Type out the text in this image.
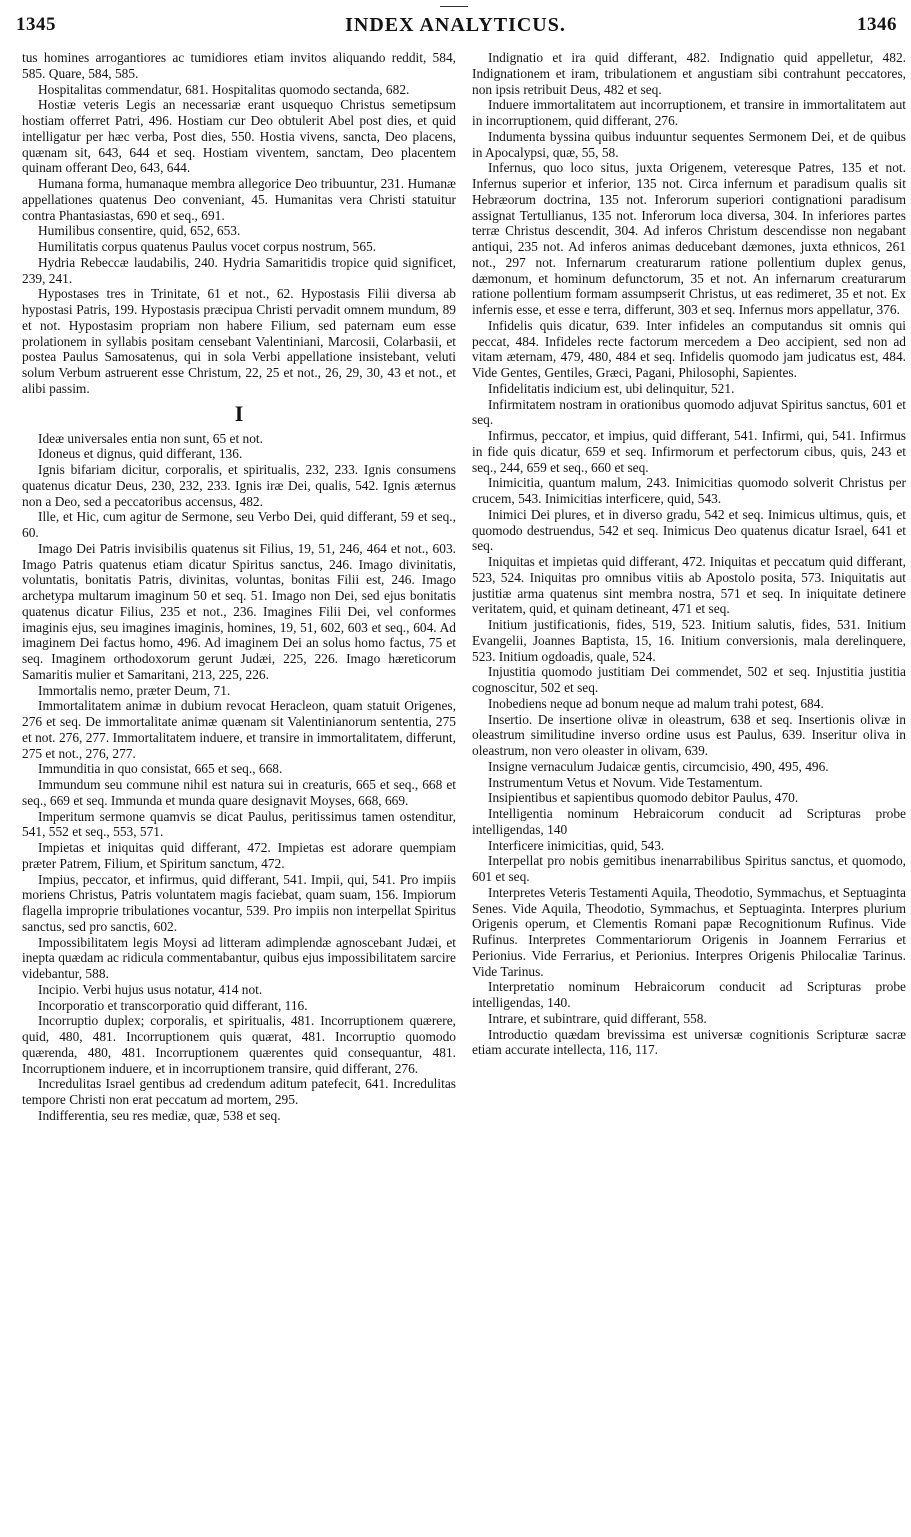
1345	INDEX ANALYTICUS.	1346

tus homines arrogantiores ac tumidiores etiam invitos aliquando reddit, 584, 585. Quare, 584, 585.

Hospitalitas commendatur, 681. Hospitalitas quomodo sectanda, 682.

Hostiæ veteris Legis an necessariæ erant usquequo Christus semetipsum hostiam offerret Patri, 496. Hostiam cur Deo obtulerit Abel post dies, et quid intelligatur per hæc verba, Post dies, 550. Hostia vivens, sancta, Deo placens, quænam sit, 643, 644 et seq. Hostiam viventem, sanctam, Deo placentem quinam offerant Deo, 643, 644.

Humana forma, humanaque membra allegorice Deo tribuuntur, 231. Humanæ appellationes quatenus Deo conveniant, 45. Humanitas vera Christi statuitur contra Phantasiastas, 690 et seq., 691.

Humilibus consentire, quid, 652, 653.

Humilitatis corpus quatenus Paulus vocet corpus nostrum, 565.

Hydria Rebeccæ laudabilis, 240. Hydria Samaritidis tropice quid significet, 239, 241.

Hypostases tres in Trinitate, 61 et not., 62. Hypostasis Filii diversa ab hypostasi Patris, 199. Hypostasis præcipua Christi pervadit omnem mundum, 89 et not. Hypostasim propriam non habere Filium, sed paternam eum esse prolationem in syllabis positam censebant Valentiniani, Marcosii, Colarbasii, et postea Paulus Samosatenus, qui in sola Verbi appellatione insistebant, veluti solum Verbum astruerent esse Christum, 22, 25 et not., 26, 29, 30, 43 et not., et alibi passim.

I

Ideæ universales entia non sunt, 65 et not.

Idoneus et dignus, quid differant, 136.

Ignis bifariam dicitur, corporalis, et spiritualis, 232, 233. Ignis consumens quatenus dicatur Deus, 230, 232, 233. Ignis iræ Dei, qualis, 542. Ignis æternus non a Deo, sed a peccatoribus accensus, 482.

Ille, et Hic, cum agitur de Sermone, seu Verbo Dei, quid differant, 59 et seq., 60.

Imago Dei Patris invisibilis quatenus sit Filius, 19, 51, 246, 464 et not., 603. Imago Patris quatenus etiam dicatur Spiritus sanctus, 246. Imago divinitatis, voluntatis, bonitatis Patris, divinitas, voluntas, bonitas Filii est, 246. Imago archetypa multarum imaginum 50 et seq. 51. Imago non Dei, sed ejus bonitatis quatenus dicatur Filius, 235 et not., 236. Imagines Filii Dei, vel conformes imaginis ejus, seu imagines imaginis, homines, 19, 51, 602, 603 et seq., 604. Ad imaginem Dei factus homo, 496. Ad imaginem Dei an solus homo factus, 75 et seq. Imaginem orthodoxorum gerunt Judæi, 225, 226. Imago hæreticorum Samaritis mulier et Samaritani, 213, 225, 226.

Immortalis nemo, præter Deum, 71.

Immortalitatem animæ in dubium revocat Heracleon, quam statuit Origenes, 276 et seq. De immortalitate animæ quænam sit Valentinianorum sententia, 275 et not. 276, 277. Immortalitatem induere, et transire in immortalitatem, differunt, 275 et not., 276, 277.

Immunditia in quo consistat, 665 et seq., 668.

Immundum seu commune nihil est natura sui in creaturis, 665 et seq., 668 et seq., 669 et seq. Immunda et munda quare designavit Moyses, 668, 669.

Imperitum sermone quamvis se dicat Paulus, peritissimus tamen ostenditur, 541, 552 et seq., 553, 571.

Impietas et iniquitas quid differant, 472. Impietas est adorare quempiam præter Patrem, Filium, et Spiritum sanctum, 472.

Impius, peccator, et infirmus, quid differant, 541. Impii, qui, 541. Pro impiis moriens Christus, Patris voluntatem magis faciebat, quam suam, 156. Impiorum flagella improprie tribulationes vocantur, 539. Pro impiis non interpellat Spiritus sanctus, sed pro sanctis, 602.

Impossibilitatem legis Moysi ad litteram adimplendæ agnoscebant Judæi, et inepta quædam ac ridicula commentabantur, quibus ejus impossibilitatem sarcire videbantur, 588.

Incipio. Verbi hujus usus notatur, 414 not.

Incorporatio et transcorporatio quid differant, 116.

Incorruptio duplex; corporalis, et spiritualis, 481. Incorruptionem quærere, quid, 480, 481. Incorruptionem quis quærat, 481. Incorruptio quomodo quærenda, 480, 481. Incorruptionem quærentes quid consequantur, 481. Incorruptionem induere, et in incorruptionem transire, quid differant, 276.

Incredulitas Israel gentibus ad credendum aditum patefecit, 641. Incredulitas tempore Christi non erat peccatum ad mortem, 295.

Indifferentia, seu res mediæ, quæ, 538 et seq.

Indignatio et ira quid differant, 482. Indignatio quid appelletur, 482. Indignationem et iram, tribulationem et angustiam sibi contrahunt peccatores, non ipsis retribuit Deus, 482 et seq.

Induere immortalitatem aut incorruptionem, et transire in immortalitatem aut in incorruptionem, quid differant, 276.

Indumenta byssina quibus induuntur sequentes Sermonem Dei, et de quibus in Apocalypsi, quæ, 55, 58.

Infernus, quo loco situs, juxta Origenem, veteresque Patres, 135 et not. Infernus superior et inferior, 135 not. Circa infernum et paradisum qualis sit Hebræorum doctrina, 135 not. Inferorum superiori contignationi paradisum assignat Tertullianus, 135 not. Inferorum loca diversa, 304. In inferiores partes terræ Christus descendit, 304. Ad inferos Christum descendisse non negabant antiqui, 235 not. Ad inferos animas deducebant dæmones, juxta ethnicos, 261 not., 297 not. Infernarum creaturarum ratione pollentium duplex genus, dæmonum, et hominum defunctorum, 35 et not. An infernarum creaturarum ratione pollentium formam assumpserit Christus, ut eas redimeret, 35 et not. Ex infernis esse, et esse e terra, differunt, 303 et seq. Infernus mors appellatur, 376.

Infidelis quis dicatur, 639. Inter infideles an computandus sit omnis qui peccat, 484. Infideles recte factorum mercedem a Deo accipient, sed non ad vitam æternam, 479, 480, 484 et seq. Infidelis quomodo jam judicatus est, 484. Vide Gentes, Gentiles, Græci, Pagani, Philosophi, Sapientes.

Infidelitatis indicium est, ubi delinquitur, 521.

Infirmitatem nostram in orationibus quomodo adjuvat Spiritus sanctus, 601 et seq.

Infirmus, peccator, et impius, quid differant, 541. Infirmi, qui, 541. Infirmus in fide quis dicatur, 659 et seq. Infirmorum et perfectorum cibus, quis, 243 et seq., 244, 659 et seq., 660 et seq.

Inimicitia, quantum malum, 243. Inimicitias quomodo solverit Christus per crucem, 543. Inimicitias interficere, quid, 543.

Inimici Dei plures, et in diverso gradu, 542 et seq. Inimicus ultimus, quis, et quomodo destruendus, 542 et seq. Inimicus Deo quatenus dicatur Israel, 641 et seq.

Iniquitas et impietas quid differant, 472. Iniquitas et peccatum quid differant, 523, 524. Iniquitas pro omnibus vitiis ab Apostolo posita, 573. Iniquitatis aut justitiæ arma quatenus sint membra nostra, 571 et seq. In iniquitate detinere veritatem, quid, et quinam detineant, 471 et seq.

Initium justificationis, fides, 519, 523. Initium salutis, fides, 531. Initium Evangelii, Joannes Baptista, 15, 16. Initium conversionis, mala derelinquere, 523. Initium ogdoadis, quale, 524.

Injustitia quomodo justitiam Dei commendet, 502 et seq. Injustitia justitia cognoscitur, 502 et seq.

Inobediens neque ad bonum neque ad malum trahi potest, 684.

Insertio. De insertione olivæ in oleastrum, 638 et seq. Insertionis olivæ in oleastrum similitudine inverso ordine usus est Paulus, 639. Inseritur oliva in oleastrum, non vero oleaster in olivam, 639.

Insigne vernaculum Judaicæ gentis, circumcisio, 490, 495, 496.

Instrumentum Vetus et Novum. Vide Testamentum.

Insipientibus et sapientibus quomodo debitor Paulus, 470.

Intelligentia nominum Hebraicorum conducit ad Scripturas probe intelligendas, 140

Interficere inimicitias, quid, 543.

Interpellat pro nobis gemitibus inenarrabilibus Spiritus sanctus, et quomodo, 601 et seq.

Interpretes Veteris Testamenti Aquila, Theodotio, Symmachus, et Septuaginta Senes. Vide Aquila, Theodotio, Symmachus, et Septuaginta. Interpres plurium Origenis operum, et Clementis Romani papæ Recognitionum Rufinus. Vide Rufinus. Interpretes Commentariorum Origenis in Joannem Ferrarius et Perionius. Vide Ferrarius, et Perionius. Interpres Origenis Philocaliæ Tarinus. Vide Tarinus.

Interpretatio nominum Hebraicorum conducit ad Scripturas probe intelligendas, 140.

Intrare, et subintrare, quid differant, 558.

Introductio quædam brevissima est universæ cognitionis Scripturæ sacræ etiam accurate intellecta, 116, 117.
